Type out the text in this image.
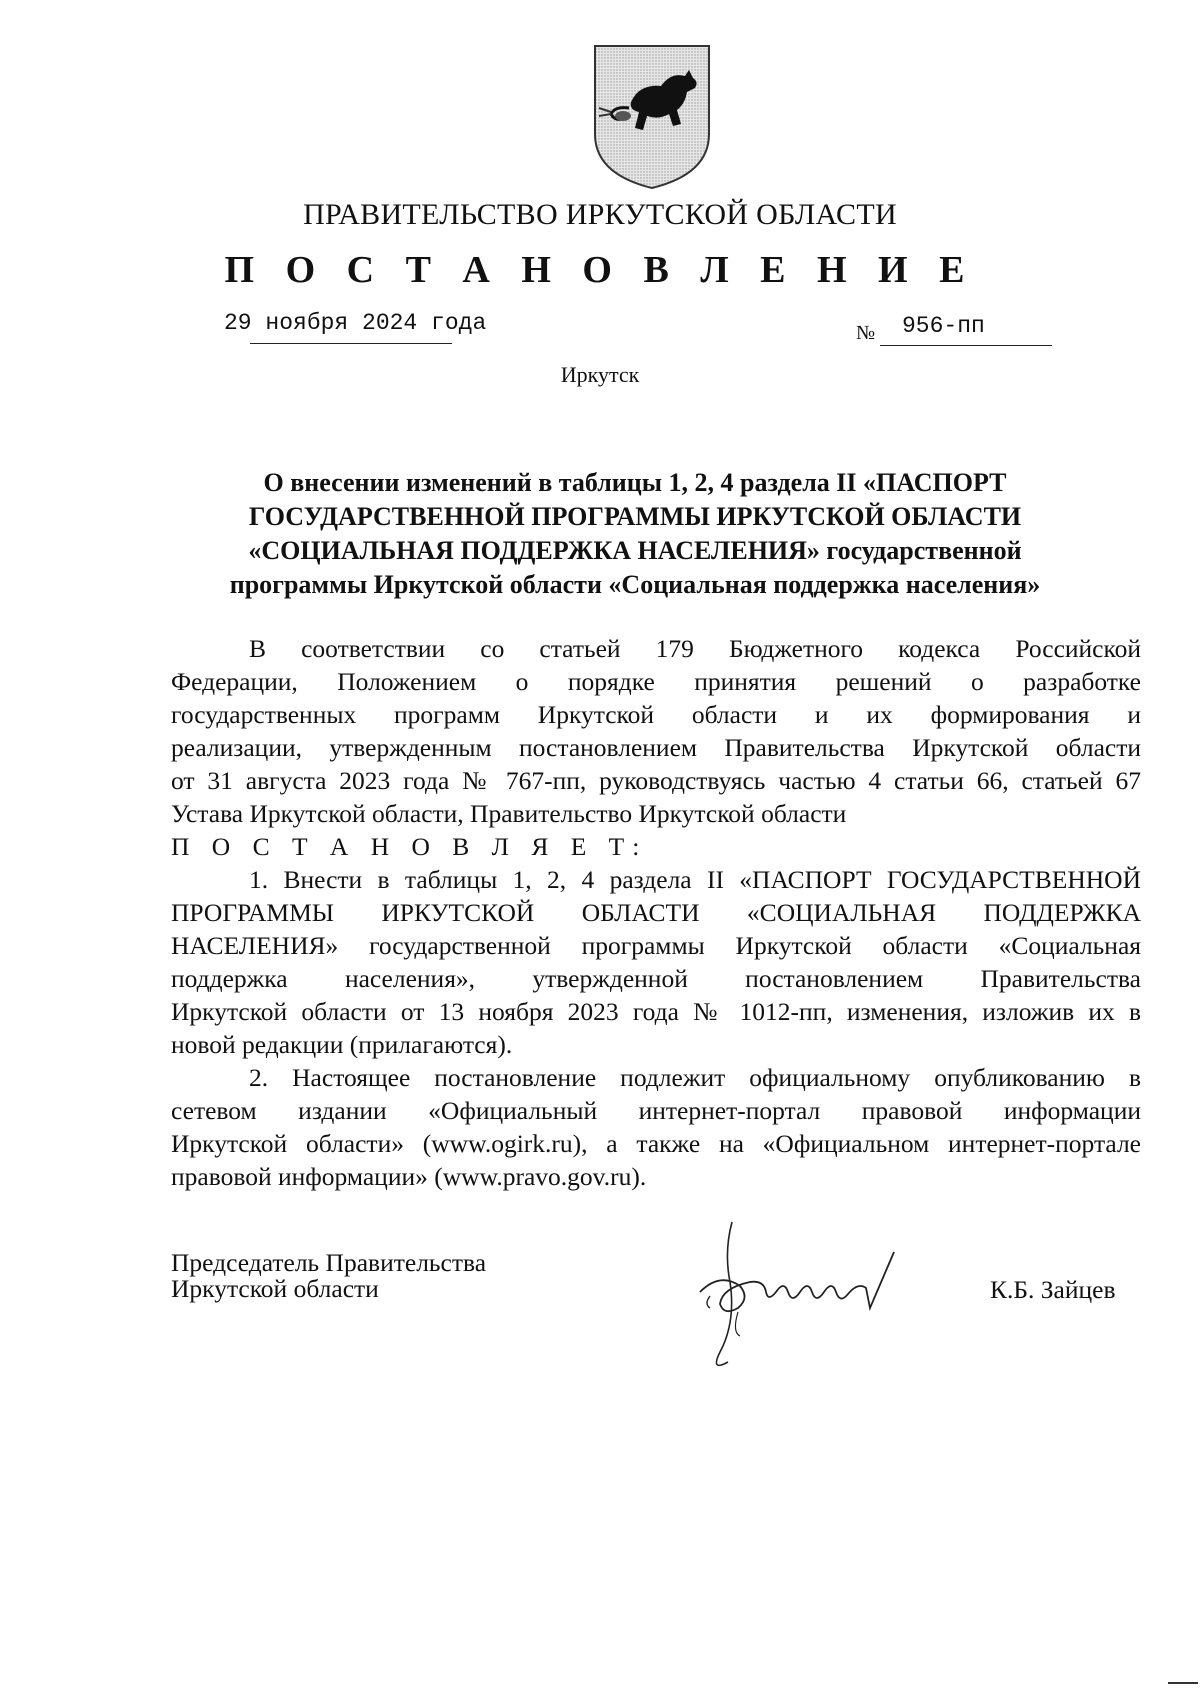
ПРАВИТЕЛЬСТВО ИРКУТСКОЙ ОБЛАСТИ
П О С Т А Н О В Л Е Н И Е
29 ноября 2024 года	№ 956-пп
Иркутск
О внесении изменений в таблицы 1, 2, 4 раздела II «ПАСПОРТ
ГОСУДАРСТВЕННОЙ ПРОГРАММЫ ИРКУТСКОЙ ОБЛАСТИ
«СОЦИАЛЬНАЯ ПОДДЕРЖКА НАСЕЛЕНИЯ» государственной
программы Иркутской области «Социальная поддержка населения»
В соответствии со статьей 179 Бюджетного кодекса Российской
Федерации, Положением о порядке принятия решений о разработке
государственных программ Иркутской области и их формирования и
реализации, утвержденным постановлением Правительства Иркутской области
от 31 августа 2023 года № 767-пп, руководствуясь частью 4 статьи 66, статьей 67
Устава Иркутской области, Правительство Иркутской области
П О С Т А Н О В Л Я Е Т:
1. Внести в таблицы 1, 2, 4 раздела II «ПАСПОРТ ГОСУДАРСТВЕННОЙ
ПРОГРАММЫ ИРКУТСКОЙ ОБЛАСТИ «СОЦИАЛЬНАЯ ПОДДЕРЖКА
НАСЕЛЕНИЯ» государственной программы Иркутской области «Социальная
поддержка населения», утвержденной постановлением Правительства
Иркутской области от 13 ноября 2023 года № 1012-пп, изменения, изложив их в
новой редакции (прилагаются).
2. Настоящее постановление подлежит официальному опубликованию в
сетевом издании «Официальный интернет-портал правовой информации
Иркутской области» (www.ogirk.ru), а также на «Официальном интернет-портале
правовой информации» (www.pravo.gov.ru).
Председатель Правительства
Иркутской области	К.Б. Зайцев
